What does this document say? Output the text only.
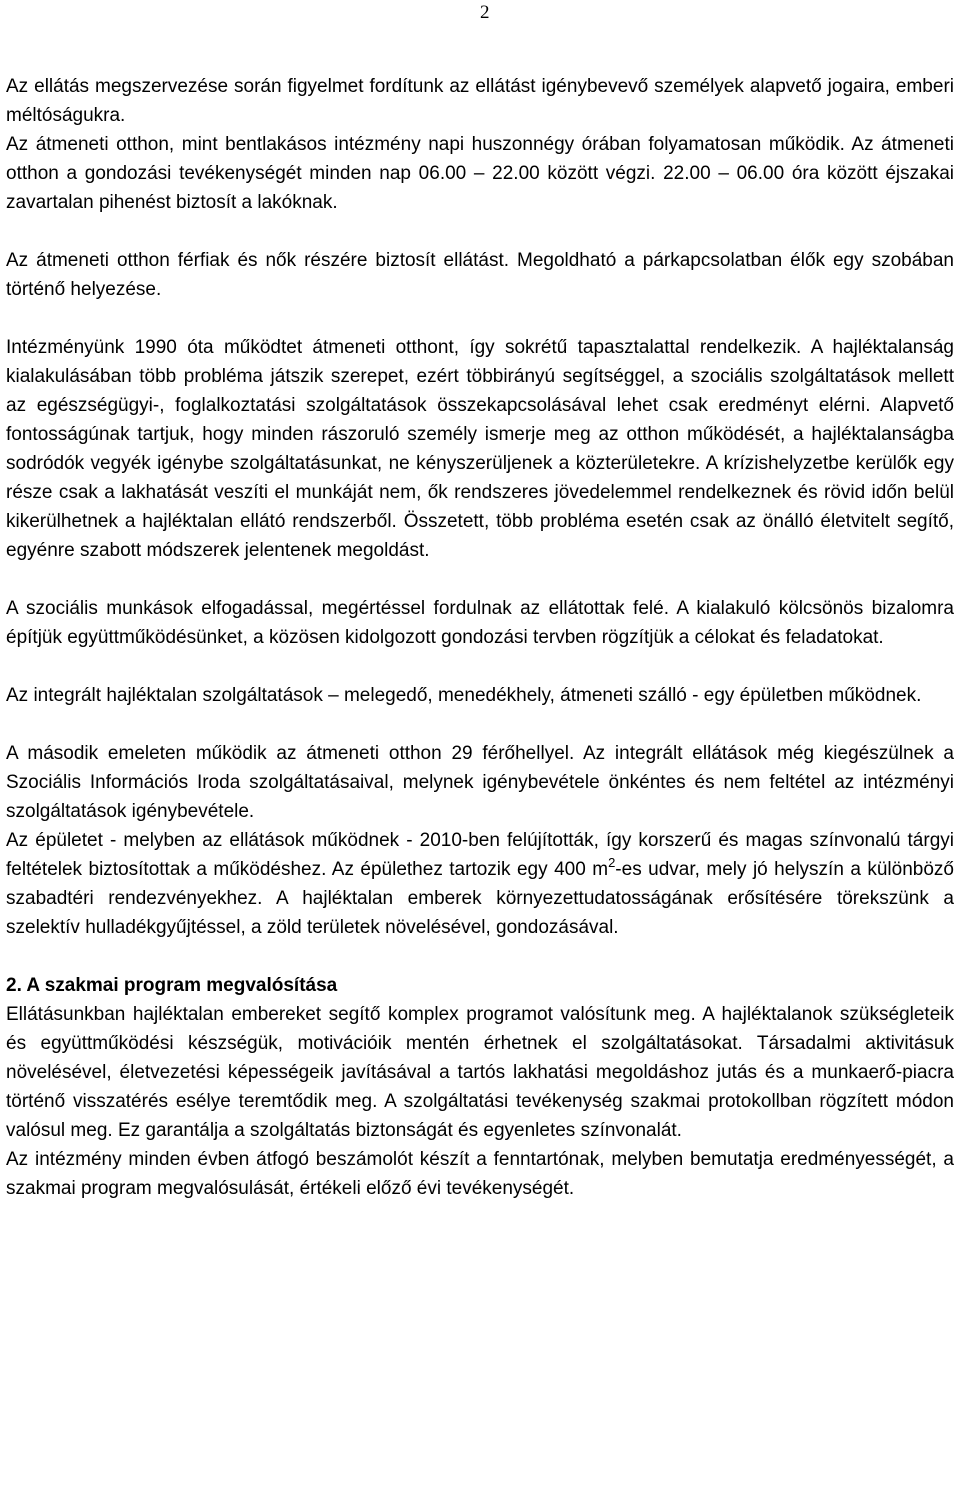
2

Az ellátás megszervezése során figyelmet fordítunk az ellátást igénybevevő személyek alapvető jogaira, emberi méltóságukra.

Az átmeneti otthon, mint bentlakásos intézmény napi huszonnégy órában folyamatosan működik. Az átmeneti otthon a gondozási tevékenységét minden nap 06.00 – 22.00 között végzi. 22.00 – 06.00 óra között éjszakai zavartalan pihenést biztosít a lakóknak.

Az átmeneti otthon férfiak és nők részére biztosít ellátást. Megoldható a párkapcsolatban élők egy szobában történő helyezése.

Intézményünk 1990 óta működtet átmeneti otthont, így sokrétű tapasztalattal rendelkezik. A hajléktalanság kialakulásában több probléma játszik szerepet, ezért többirányú segítséggel, a szociális szolgáltatások mellett az egészségügyi-, foglalkoztatási szolgáltatások összekapcsolásával lehet csak eredményt elérni. Alapvető fontosságúnak tartjuk, hogy minden rászoruló személy ismerje meg az otthon működését, a hajléktalanságba sodródók vegyék igénybe szolgáltatásunkat, ne kényszerüljenek a közterületekre. A krízishelyzetbe kerülők egy része csak a lakhatását veszíti el munkáját nem, ők rendszeres jövedelemmel rendelkeznek és rövid időn belül kikerülhetnek a hajléktalan ellátó rendszerből. Összetett, több probléma esetén csak az önálló életvitelt segítő, egyénre szabott módszerek jelentenek megoldást.

A szociális munkások elfogadással, megértéssel fordulnak az ellátottak felé. A kialakuló kölcsönös bizalomra építjük együttműködésünket, a közösen kidolgozott gondozási tervben rögzítjük a célokat és feladatokat.

Az integrált hajléktalan szolgáltatások – melegedő, menedékhely, átmeneti szálló - egy épületben működnek.

A második emeleten működik az átmeneti otthon 29 férőhellyel. Az integrált ellátások még kiegészülnek a Szociális Információs Iroda szolgáltatásaival, melynek igénybevétele önkéntes és nem feltétel az intézményi szolgáltatások igénybevétele.

Az épületet - melyben az ellátások működnek - 2010-ben felújították, így korszerű és magas színvonalú tárgyi feltételek biztosítottak a működéshez. Az épülethez tartozik egy 400 $m^2-es$ udvar, mely jó helyszín a különböző szabadtéri rendezvényekhez. A hajléktalan emberek környezettudatosságának erősítésére törekszünk a szelektív hulladékgyűjtéssel, a zöld területek növelésével, gondozásával.

2. A szakmai program megvalósítása

Ellátásunkban hajléktalan embereket segítő komplex programot valósítunk meg. A hajléktalanok szükségleteik és együttműködési készségük, motivációik mentén érhetnek el szolgáltatásokat. Társadalmi aktivitásuk növelésével, életvezetési képességeik javításával a tartós lakhatási megoldáshoz jutás és a munkaerő-piacra történő visszatérés esélye teremtődik meg. A szolgáltatási tevékenység szakmai protokollban rögzített módon valósul meg. Ez garantálja a szolgáltatás biztonságát és egyenletes színvonalát.

Az intézmény minden évben átfogó beszámolót készít a fenntartónak, melyben bemutatja eredményességét, a szakmai program megvalósulását, értékeli előző évi tevékenységét.
